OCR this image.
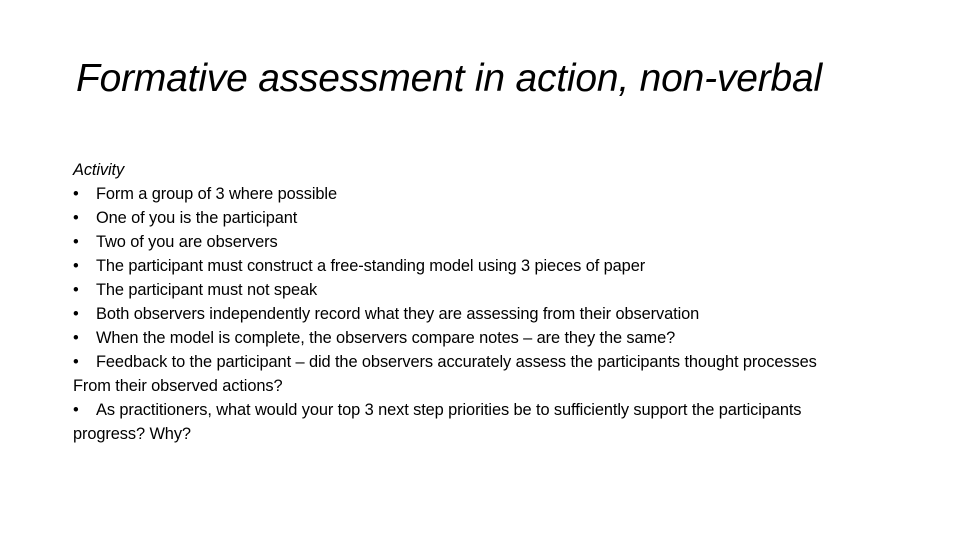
Formative assessment in action, non-verbal
Activity
• Form a group of 3 where possible
• One of you is the participant
• Two of you are observers
• The participant must construct a free-standing model using 3 pieces of paper
• The participant must not speak
• Both observers independently record what they are assessing from their observation
• When the model is complete, the observers compare notes – are they the same?
• Feedback to the participant – did the observers accurately assess the participants thought processes
From their observed actions?
• As practitioners, what would your top 3 next step priorities be to sufficiently support the participants
progress? Why?
